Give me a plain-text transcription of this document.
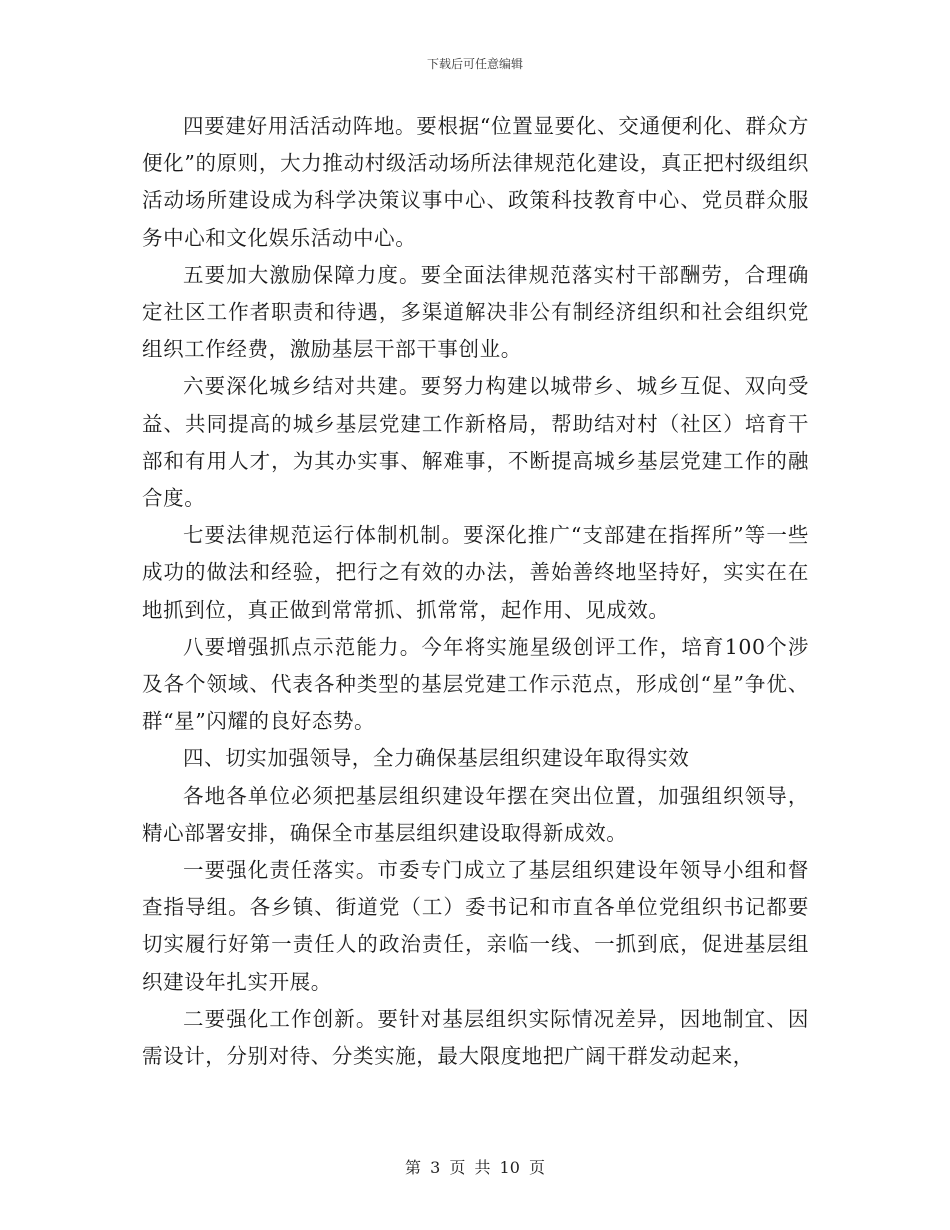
下载后可任意编辑

四要建好用活活动阵地。要根据“位置显要化、交通便利化、群众方便化”的原则，大力推动村级活动场所法律规范化建设，真正把村级组织活动场所建设成为科学决策议事中心、政策科技教育中心、党员群众服务中心和文化娱乐活动中心。

五要加大激励保障力度。要全面法律规范落实村干部酬劳，合理确定社区工作者职责和待遇，多渠道解决非公有制经济组织和社会组织党组织工作经费，激励基层干部干事创业。

六要深化城乡结对共建。要努力构建以城带乡、城乡互促、双向受益、共同提高的城乡基层党建工作新格局，帮助结对村（社区）培育干部和有用人才，为其办实事、解难事，不断提高城乡基层党建工作的融合度。

七要法律规范运行体制机制。要深化推广“支部建在指挥所”等一些成功的做法和经验，把行之有效的办法，善始善终地坚持好，实实在在地抓到位，真正做到常常抓、抓常常，起作用、见成效。

八要增强抓点示范能力。今年将实施星级创评工作，培育100个涉及各个领域、代表各种类型的基层党建工作示范点，形成创“星”争优、群“星”闪耀的良好态势。

四、切实加强领导，全力确保基层组织建设年取得实效

各地各单位必须把基层组织建设年摆在突出位置，加强组织领导，精心部署安排，确保全市基层组织建设取得新成效。

一要强化责任落实。市委专门成立了基层组织建设年领导小组和督查指导组。各乡镇、街道党（工）委书记和市直各单位党组织书记都要切实履行好第一责任人的政治责任，亲临一线、一抓到底，促进基层组织建设年扎实开展。

二要强化工作创新。要针对基层组织实际情况差异，因地制宜、因需设计，分别对待、分类实施，最大限度地把广阔干群发动起来，

第 3 页 共 10 页
